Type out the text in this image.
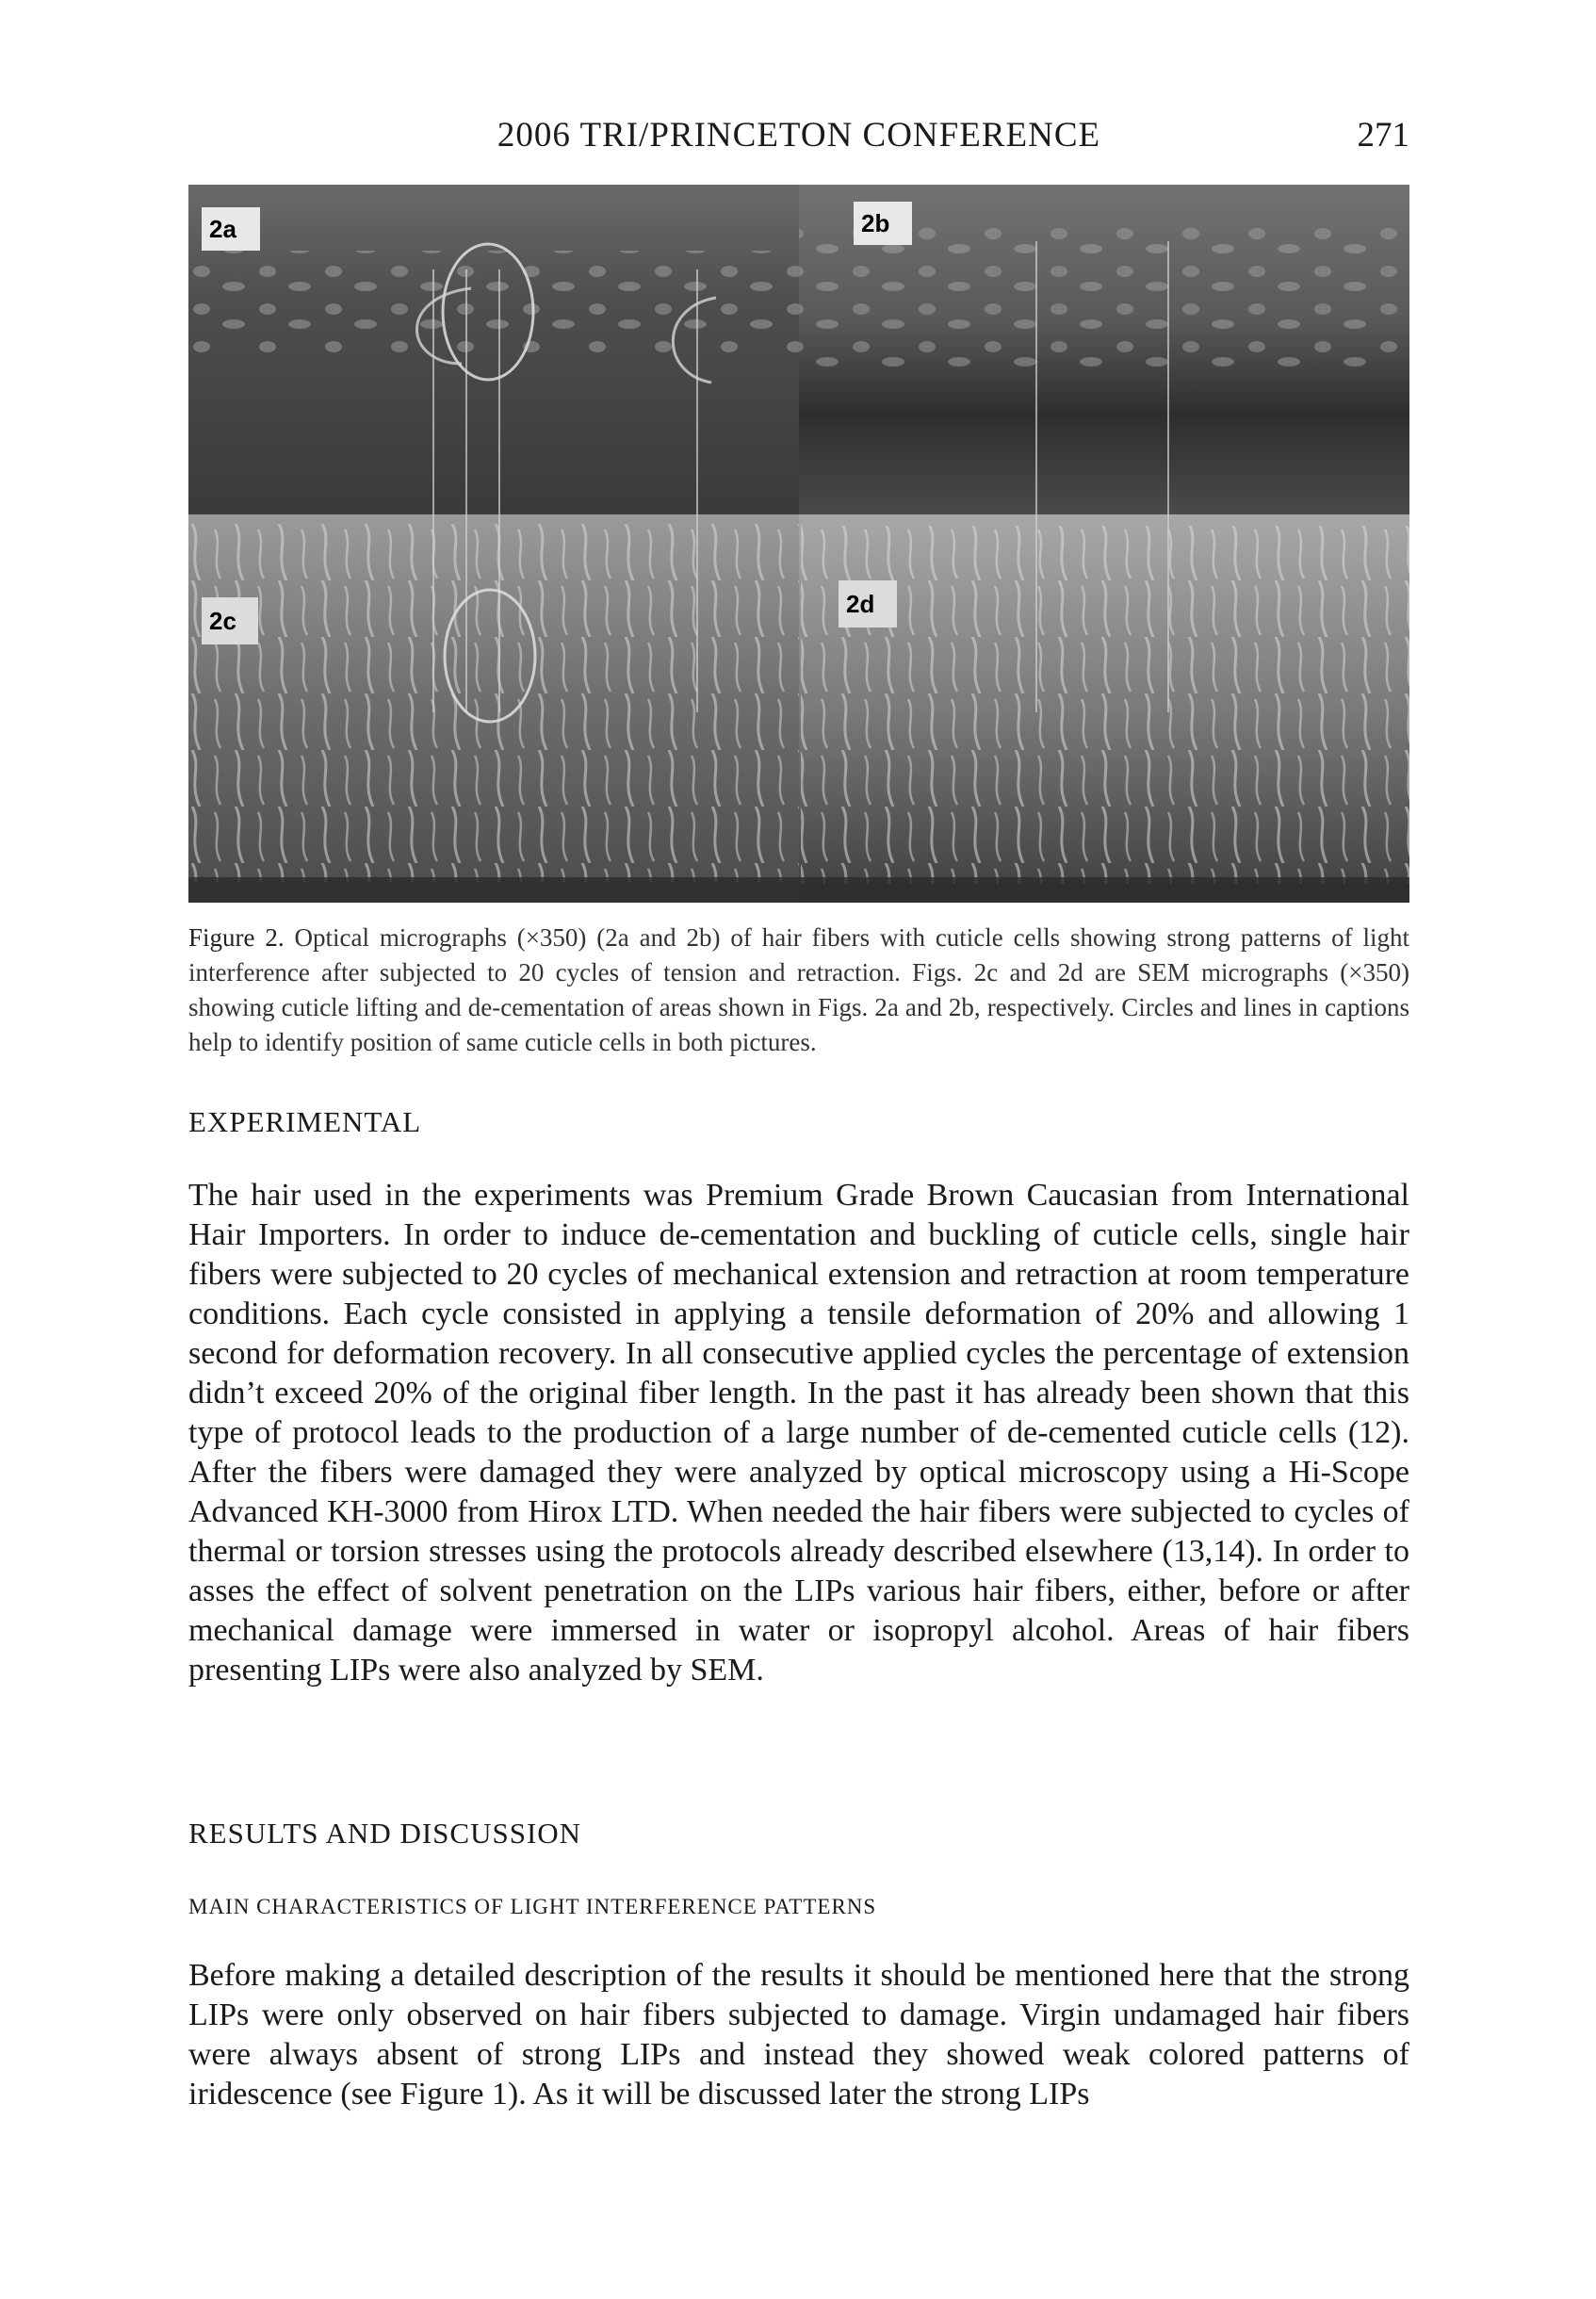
2006 TRI/PRINCETON CONFERENCE	271
2a	2b
2c
2d
Figure 2. Optical micrographs (×350) (2a and 2b) of hair fibers with cuticle cells showing strong patterns of light interference after subjected to 20 cycles of tension and retraction. Figs. 2c and 2d are SEM micrographs (×350) showing cuticle lifting and de-cementation of areas shown in Figs. 2a and 2b, respectively. Circles and lines in captions help to identify position of same cuticle cells in both pictures.
EXPERIMENTAL

The hair used in the experiments was Premium Grade Brown Caucasian from International Hair Importers. In order to induce de-cementation and buckling of cuticle cells, single hair fibers were subjected to 20 cycles of mechanical extension and retraction at room temperature conditions. Each cycle consisted in applying a tensile deformation of 20% and allowing 1 second for deformation recovery. In all consecutive applied cycles the percentage of extension didn’t exceed 20% of the original fiber length. In the past it has already been shown that this type of protocol leads to the production of a large number of de-cemented cuticle cells (12). After the fibers were damaged they were analyzed by optical microscopy using a Hi-Scope Advanced KH-3000 from Hirox LTD. When needed the hair fibers were subjected to cycles of thermal or torsion stresses using the protocols already described elsewhere (13,14). In order to asses the effect of solvent penetration on the LIPs various hair fibers, either, before or after mechanical damage were immersed in water or isopropyl alcohol. Areas of hair fibers presenting LIPs were also analyzed by SEM.

RESULTS AND DISCUSSION
MAIN CHARACTERISTICS OF LIGHT INTERFERENCE PATTERNS

Before making a detailed description of the results it should be mentioned here that the strong LIPs were only observed on hair fibers subjected to damage. Virgin undamaged hair fibers were always absent of strong LIPs and instead they showed weak colored patterns of iridescence (see Figure 1). As it will be discussed later the strong LIPs
